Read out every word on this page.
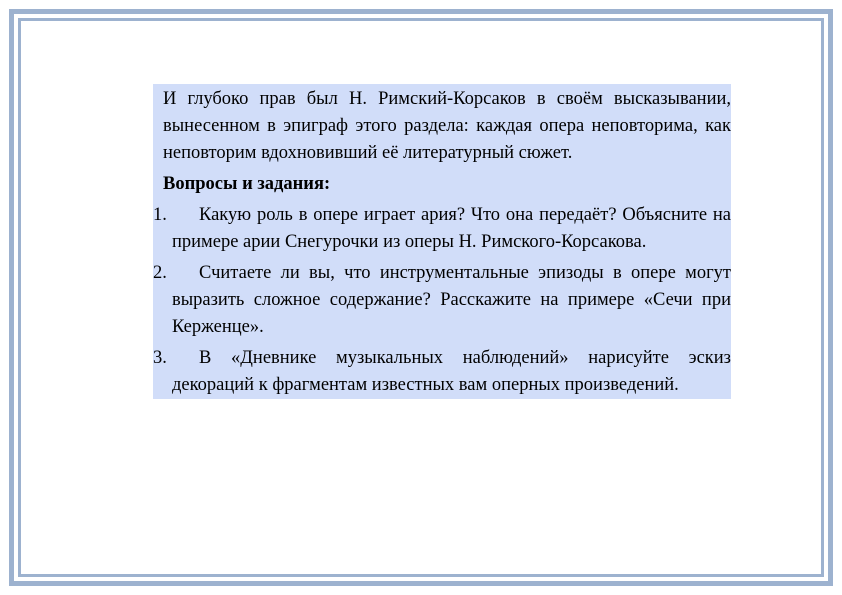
И глубоко прав был Н. Римский-Корсаков в своём высказывании, вынесенном в эпиграф этого раздела: каждая опера неповторима, как неповторим вдохновивший её литературный сюжет.
Вопросы и задания:
1.	Какую роль в опере играет ария? Что она передаёт? Объясните на примере арии Снегурочки из оперы Н. Римского-Корсакова.
2.	Считаете ли вы, что инструментальные эпизоды в опере могут выразить сложное содержание? Расскажите на примере «Сечи при Керженце».
3.	В «Дневнике музыкальных наблюдений» нарисуйте эскиз декораций к фрагментам известных вам оперных произведений.
